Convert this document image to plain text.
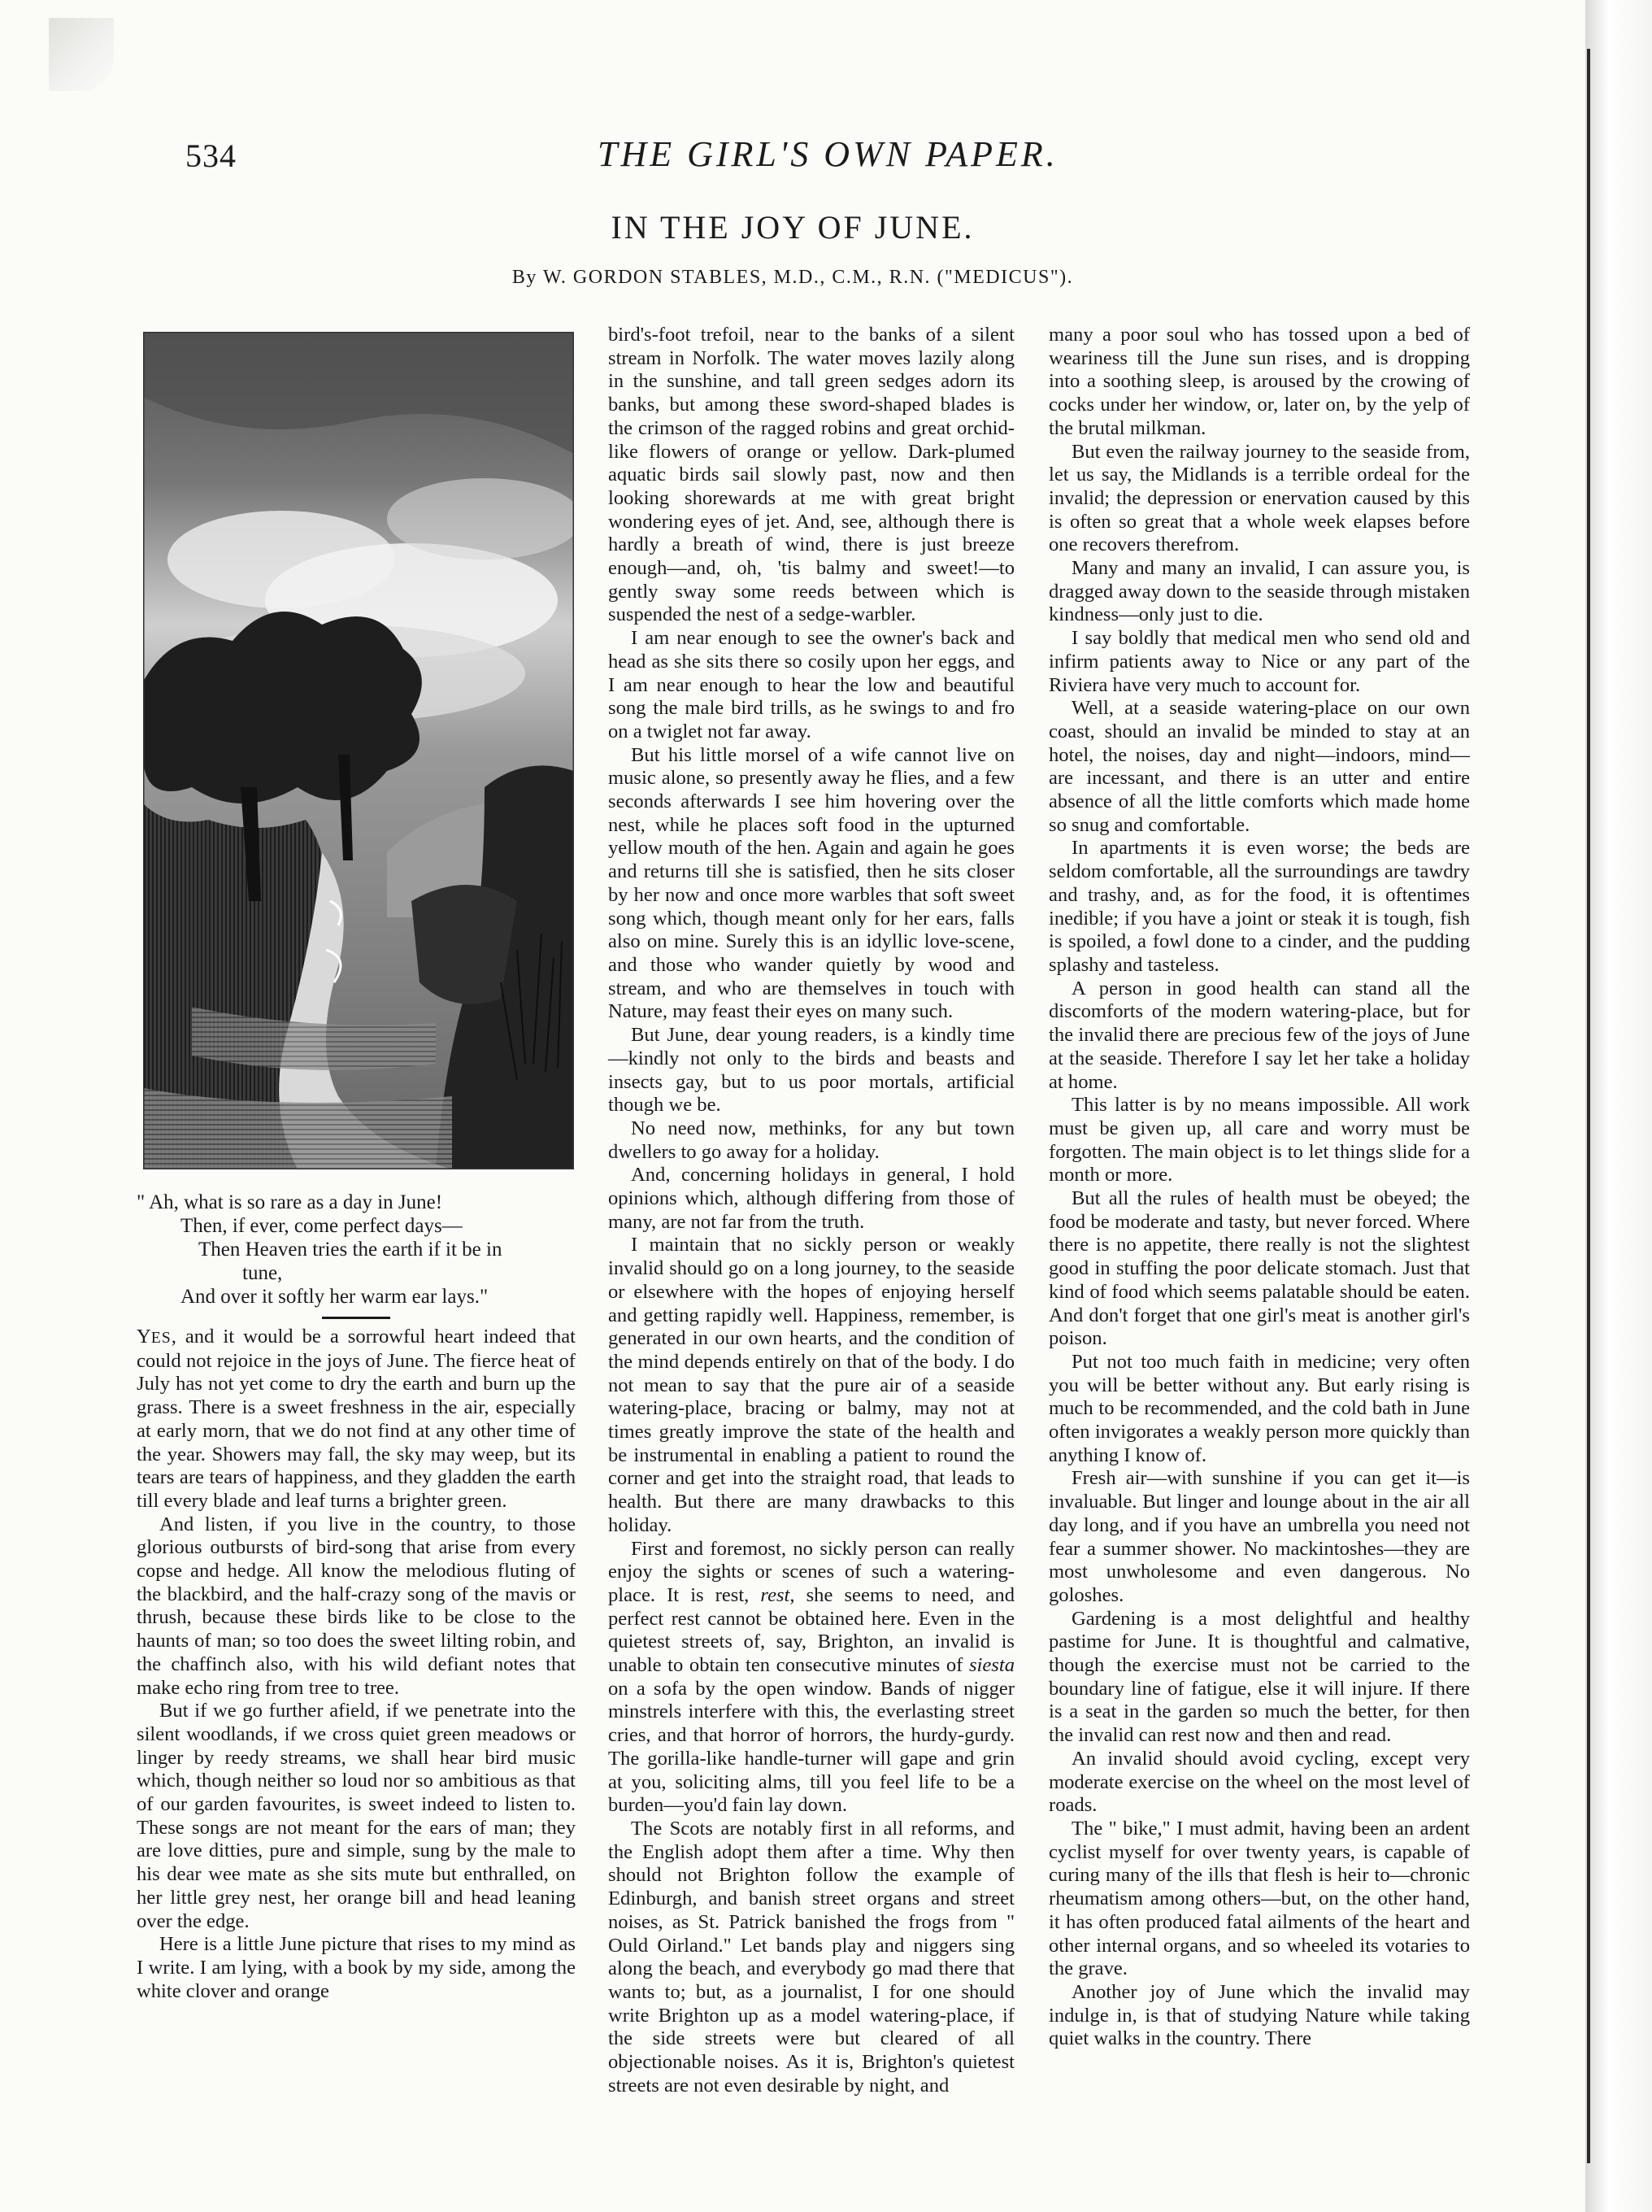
534	THE GIRL'S OWN PAPER.
IN THE JOY OF JUNE.
By W. GORDON STABLES, M.D., C.M., R.N. ("MEDICUS").
" Ah, what is so rare as a day in June!
Then, if ever, come perfect days—
Then Heaven tries the earth if it be in
tune,
And over it softly her warm ear lays."

YES, and it would be a sorrowful heart indeed that could not rejoice in the joys of June. The fierce heat of July has not yet come to dry the earth and burn up the grass. There is a sweet freshness in the air, especially at early morn, that we do not find at any other time of the year. Showers may fall, the sky may weep, but its tears are tears of happiness, and they gladden the earth till every blade and leaf turns a brighter green.

And listen, if you live in the country, to those glorious outbursts of bird-song that arise from every copse and hedge. All know the melodious fluting of the blackbird, and the half-crazy song of the mavis or thrush, because these birds like to be close to the haunts of man; so too does the sweet lilting robin, and the chaffinch also, with his wild defiant notes that make echo ring from tree to tree.

But if we go further afield, if we penetrate into the silent woodlands, if we cross quiet green meadows or linger by reedy streams, we shall hear bird music which, though neither so loud nor so ambitious as that of our garden favourites, is sweet indeed to listen to. These songs are not meant for the ears of man; they are love ditties, pure and simple, sung by the male to his dear wee mate as she sits mute but enthralled, on her little grey nest, her orange bill and head leaning over the edge.

Here is a little June picture that rises to my mind as I write. I am lying, with a book by my side, among the white clover and orange

bird's-foot trefoil, near to the banks of a silent stream in Norfolk. The water moves lazily along in the sunshine, and tall green sedges adorn its banks, but among these sword-shaped blades is the crimson of the ragged robins and great orchid-like flowers of orange or yellow. Dark-plumed aquatic birds sail slowly past, now and then looking shorewards at me with great bright wondering eyes of jet. And, see, although there is hardly a breath of wind, there is just breeze enough—and, oh, 'tis balmy and sweet!—to gently sway some reeds between which is suspended the nest of a sedge-warbler.

I am near enough to see the owner's back and head as she sits there so cosily upon her eggs, and I am near enough to hear the low and beautiful song the male bird trills, as he swings to and fro on a twiglet not far away.

But his little morsel of a wife cannot live on music alone, so presently away he flies, and a few seconds afterwards I see him hovering over the nest, while he places soft food in the upturned yellow mouth of the hen. Again and again he goes and returns till she is satisfied, then he sits closer by her now and once more warbles that soft sweet song which, though meant only for her ears, falls also on mine. Surely this is an idyllic love-scene, and those who wander quietly by wood and stream, and who are themselves in touch with Nature, may feast their eyes on many such.

But June, dear young readers, is a kindly time—kindly not only to the birds and beasts and insects gay, but to us poor mortals, artificial though we be.

No need now, methinks, for any but town dwellers to go away for a holiday.

And, concerning holidays in general, I hold opinions which, although differing from those of many, are not far from the truth.

I maintain that no sickly person or weakly invalid should go on a long journey, to the seaside or elsewhere with the hopes of enjoying herself and getting rapidly well. Happiness, remember, is generated in our own hearts, and the condition of the mind depends entirely on that of the body. I do not mean to say that the pure air of a seaside watering-place, bracing or balmy, may not at times greatly improve the state of the health and be instrumental in enabling a patient to round the corner and get into the straight road, that leads to health. But there are many drawbacks to this holiday.

First and foremost, no sickly person can really enjoy the sights or scenes of such a watering-place. It is rest, rest, she seems to need, and perfect rest cannot be obtained here. Even in the quietest streets of, say, Brighton, an invalid is unable to obtain ten consecutive minutes of siesta on a sofa by the open window. Bands of nigger minstrels interfere with this, the everlasting street cries, and that horror of horrors, the hurdy-gurdy. The gorilla-like handle-turner will gape and grin at you, soliciting alms, till you feel life to be a burden—you'd fain lay down.

The Scots are notably first in all reforms, and the English adopt them after a time. Why then should not Brighton follow the example of Edinburgh, and banish street organs and street noises, as St. Patrick banished the frogs from " Ould Oirland." Let bands play and niggers sing along the beach, and everybody go mad there that wants to; but, as a journalist, I for one should write Brighton up as a model watering-place, if the side streets were but cleared of all objectionable noises. As it is, Brighton's quietest streets are not even desirable by night, and

many a poor soul who has tossed upon a bed of weariness till the June sun rises, and is dropping into a soothing sleep, is aroused by the crowing of cocks under her window, or, later on, by the yelp of the brutal milkman.

But even the railway journey to the seaside from, let us say, the Midlands is a terrible ordeal for the invalid; the depression or enervation caused by this is often so great that a whole week elapses before one recovers therefrom.

Many and many an invalid, I can assure you, is dragged away down to the seaside through mistaken kindness—only just to die.

I say boldly that medical men who send old and infirm patients away to Nice or any part of the Riviera have very much to account for.

Well, at a seaside watering-place on our own coast, should an invalid be minded to stay at an hotel, the noises, day and night—indoors, mind—are incessant, and there is an utter and entire absence of all the little comforts which made home so snug and comfortable.

In apartments it is even worse; the beds are seldom comfortable, all the surroundings are tawdry and trashy, and, as for the food, it is oftentimes inedible; if you have a joint or steak it is tough, fish is spoiled, a fowl done to a cinder, and the pudding splashy and tasteless.

A person in good health can stand all the discomforts of the modern watering-place, but for the invalid there are precious few of the joys of June at the seaside. Therefore I say let her take a holiday at home.

This latter is by no means impossible. All work must be given up, all care and worry must be forgotten. The main object is to let things slide for a month or more.

But all the rules of health must be obeyed; the food be moderate and tasty, but never forced. Where there is no appetite, there really is not the slightest good in stuffing the poor delicate stomach. Just that kind of food which seems palatable should be eaten. And don't forget that one girl's meat is another girl's poison.

Put not too much faith in medicine; very often you will be better without any. But early rising is much to be recommended, and the cold bath in June often invigorates a weakly person more quickly than anything I know of.

Fresh air—with sunshine if you can get it—is invaluable. But linger and lounge about in the air all day long, and if you have an umbrella you need not fear a summer shower. No mackintoshes—they are most unwholesome and even dangerous. No goloshes.

Gardening is a most delightful and healthy pastime for June. It is thoughtful and calmative, though the exercise must not be carried to the boundary line of fatigue, else it will injure. If there is a seat in the garden so much the better, for then the invalid can rest now and then and read.

An invalid should avoid cycling, except very moderate exercise on the wheel on the most level of roads.

The " bike," I must admit, having been an ardent cyclist myself for over twenty years, is capable of curing many of the ills that flesh is heir to—chronic rheumatism among others—but, on the other hand, it has often produced fatal ailments of the heart and other internal organs, and so wheeled its votaries to the grave.

Another joy of June which the invalid may indulge in, is that of studying Nature while taking quiet walks in the country. There
